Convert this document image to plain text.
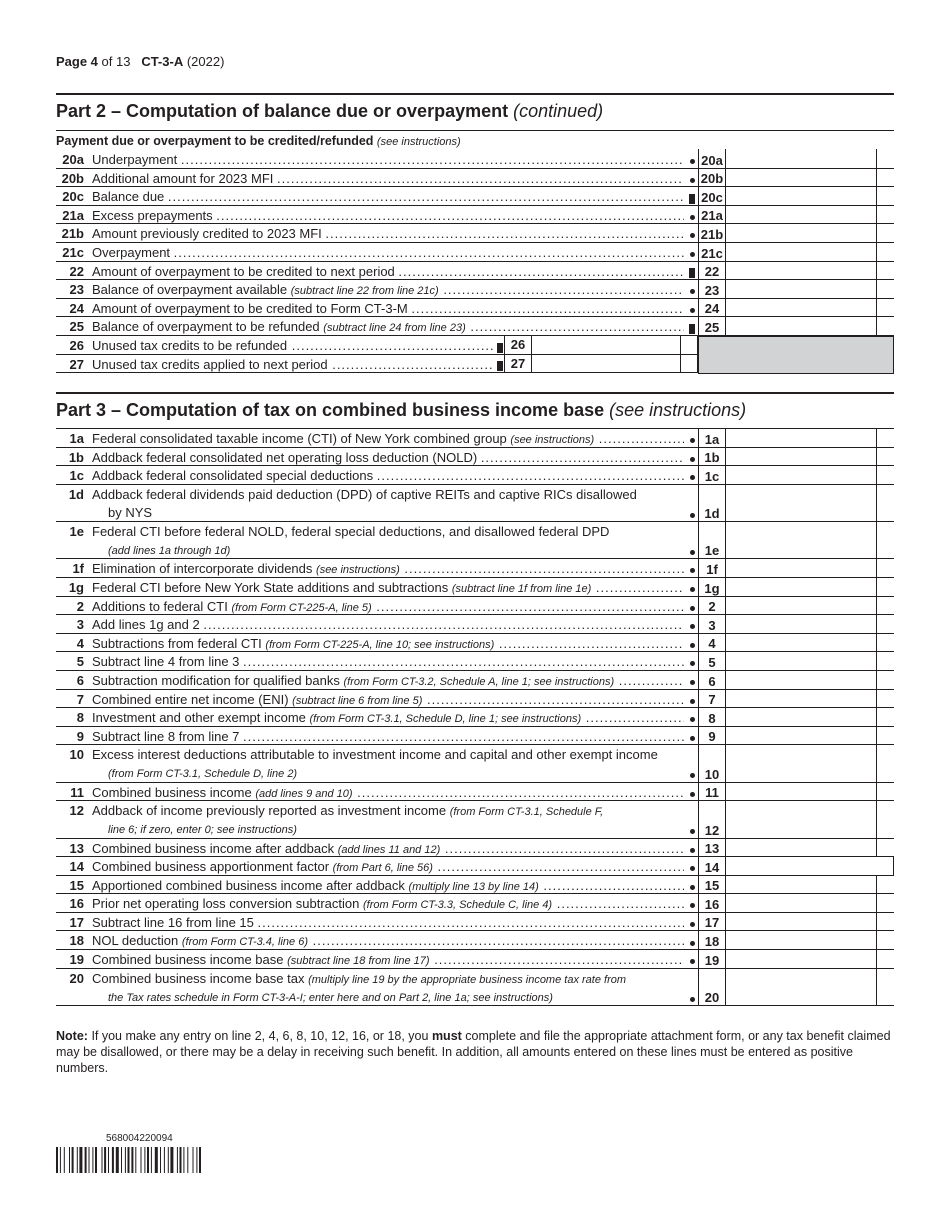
Page 4 of 13 CT-3-A (2022)
Part 2 – Computation of balance due or overpayment (continued)
Payment due or overpayment to be credited/refunded (see instructions)
20a Underpayment .....	20a
20b Additional amount for 2023 MFI .....	20b
20c Balance due .....	20c
21a Excess prepayments .....	21a
21b Amount previously credited to 2023 MFI .....	21b
21c Overpayment .....	21c
22 Amount of overpayment to be credited to next period .....	22
23 Balance of overpayment available (subtract line 22 from line 21c) .....	23
24 Amount of overpayment to be credited to Form CT-3-M .....	24
25 Balance of overpayment to be refunded (subtract line 24 from line 23) .....	25
26 Unused tax credits to be refunded .....	26
27 Unused tax credits applied to next period .....	27
Part 3 – Computation of tax on combined business income base (see instructions)
1a Federal consolidated taxable income (CTI) of New York combined group (see instructions) .....	1a
1b Addback federal consolidated net operating loss deduction (NOLD) .....	1b
1c Addback federal consolidated special deductions .....	1c
1d Addback federal dividends paid deduction (DPD) of captive REITs and captive RICs disallowed
by NYS	1d
1e Federal CTI before federal NOLD, federal special deductions, and disallowed federal DPD
(add lines 1a through 1d)	1e
1f Elimination of intercorporate dividends (see instructions) .....	1f
1g Federal CTI before New York State additions and subtractions (subtract line 1f from line 1e) .....	1g
2 Additions to federal CTI (from Form CT-225-A, line 5) .....	2
3 Add lines 1g and 2 .....	3
4 Subtractions from federal CTI (from Form CT-225-A, line 10; see instructions) .....	4
5 Subtract line 4 from line 3 .....	5
6 Subtraction modification for qualified banks (from Form CT-3.2, Schedule A, line 1; see instructions) .....	6
7 Combined entire net income (ENI) (subtract line 6 from line 5) .....	7
8 Investment and other exempt income (from Form CT-3.1, Schedule D, line 1; see instructions) .....	8
9 Subtract line 8 from line 7 .....	9
10 Excess interest deductions attributable to investment income and capital and other exempt income
(from Form CT-3.1, Schedule D, line 2)	10
11 Combined business income (add lines 9 and 10) .....	11
12 Addback of income previously reported as investment income (from Form CT-3.1, Schedule F,
line 6; if zero, enter 0; see instructions)	12
13 Combined business income after addback (add lines 11 and 12) .....	13
14 Combined business apportionment factor (from Part 6, line 56) .....	14
15 Apportioned combined business income after addback (multiply line 13 by line 14) .....	15
16 Prior net operating loss conversion subtraction (from Form CT-3.3, Schedule C, line 4) .....	16
17 Subtract line 16 from line 15 .....	17
18 NOL deduction (from Form CT-3.4, line 6) .....	18
19 Combined business income base (subtract line 18 from line 17) .....	19
20 Combined business income base tax (multiply line 19 by the appropriate business income tax rate from
the Tax rates schedule in Form CT-3-A-I; enter here and on Part 2, line 1a; see instructions)	20
Note: If you make any entry on line 2, 4, 6, 8, 10, 12, 16, or 18, you must complete and file the appropriate attachment form, or any tax benefit claimed may be disallowed, or there may be a delay in receiving such benefit. In addition, all amounts entered on these lines must be entered as positive numbers.
568004220094
